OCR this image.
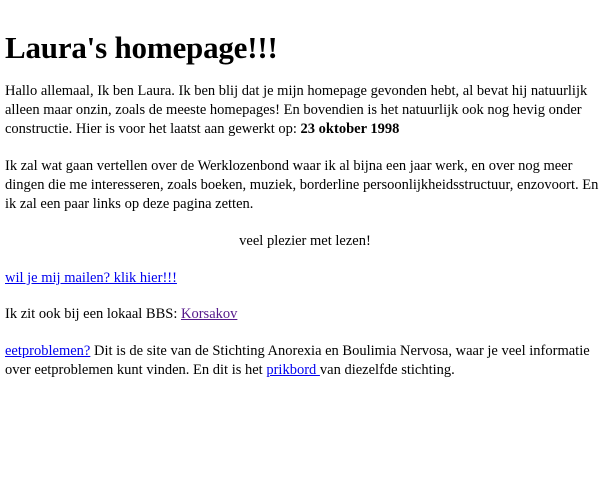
Laura's homepage!!!

Hallo allemaal, Ik ben Laura. Ik ben blij dat je mijn homepage gevonden hebt, al bevat hij natuurlijk alleen maar onzin, zoals de meeste homepages! En bovendien is het natuurlijk ook nog hevig onder constructie. Hier is voor het laatst aan gewerkt op: 23 oktober 1998

Ik zal wat gaan vertellen over de Werklozenbond waar ik al bijna een jaar werk, en over nog meer dingen die me interesseren, zoals boeken, muziek, borderline persoonlijkheidsstructuur, enzovoort. En ik zal een paar links op deze pagina zetten.

veel plezier met lezen!

wil je mij mailen? klik hier!!!

Ik zit ook bij een lokaal BBS: Korsakov

eetproblemen? Dit is de site van de Stichting Anorexia en Boulimia Nervosa, waar je veel informatie over eetproblemen kunt vinden. En dit is het prikbord van diezelfde stichting.
